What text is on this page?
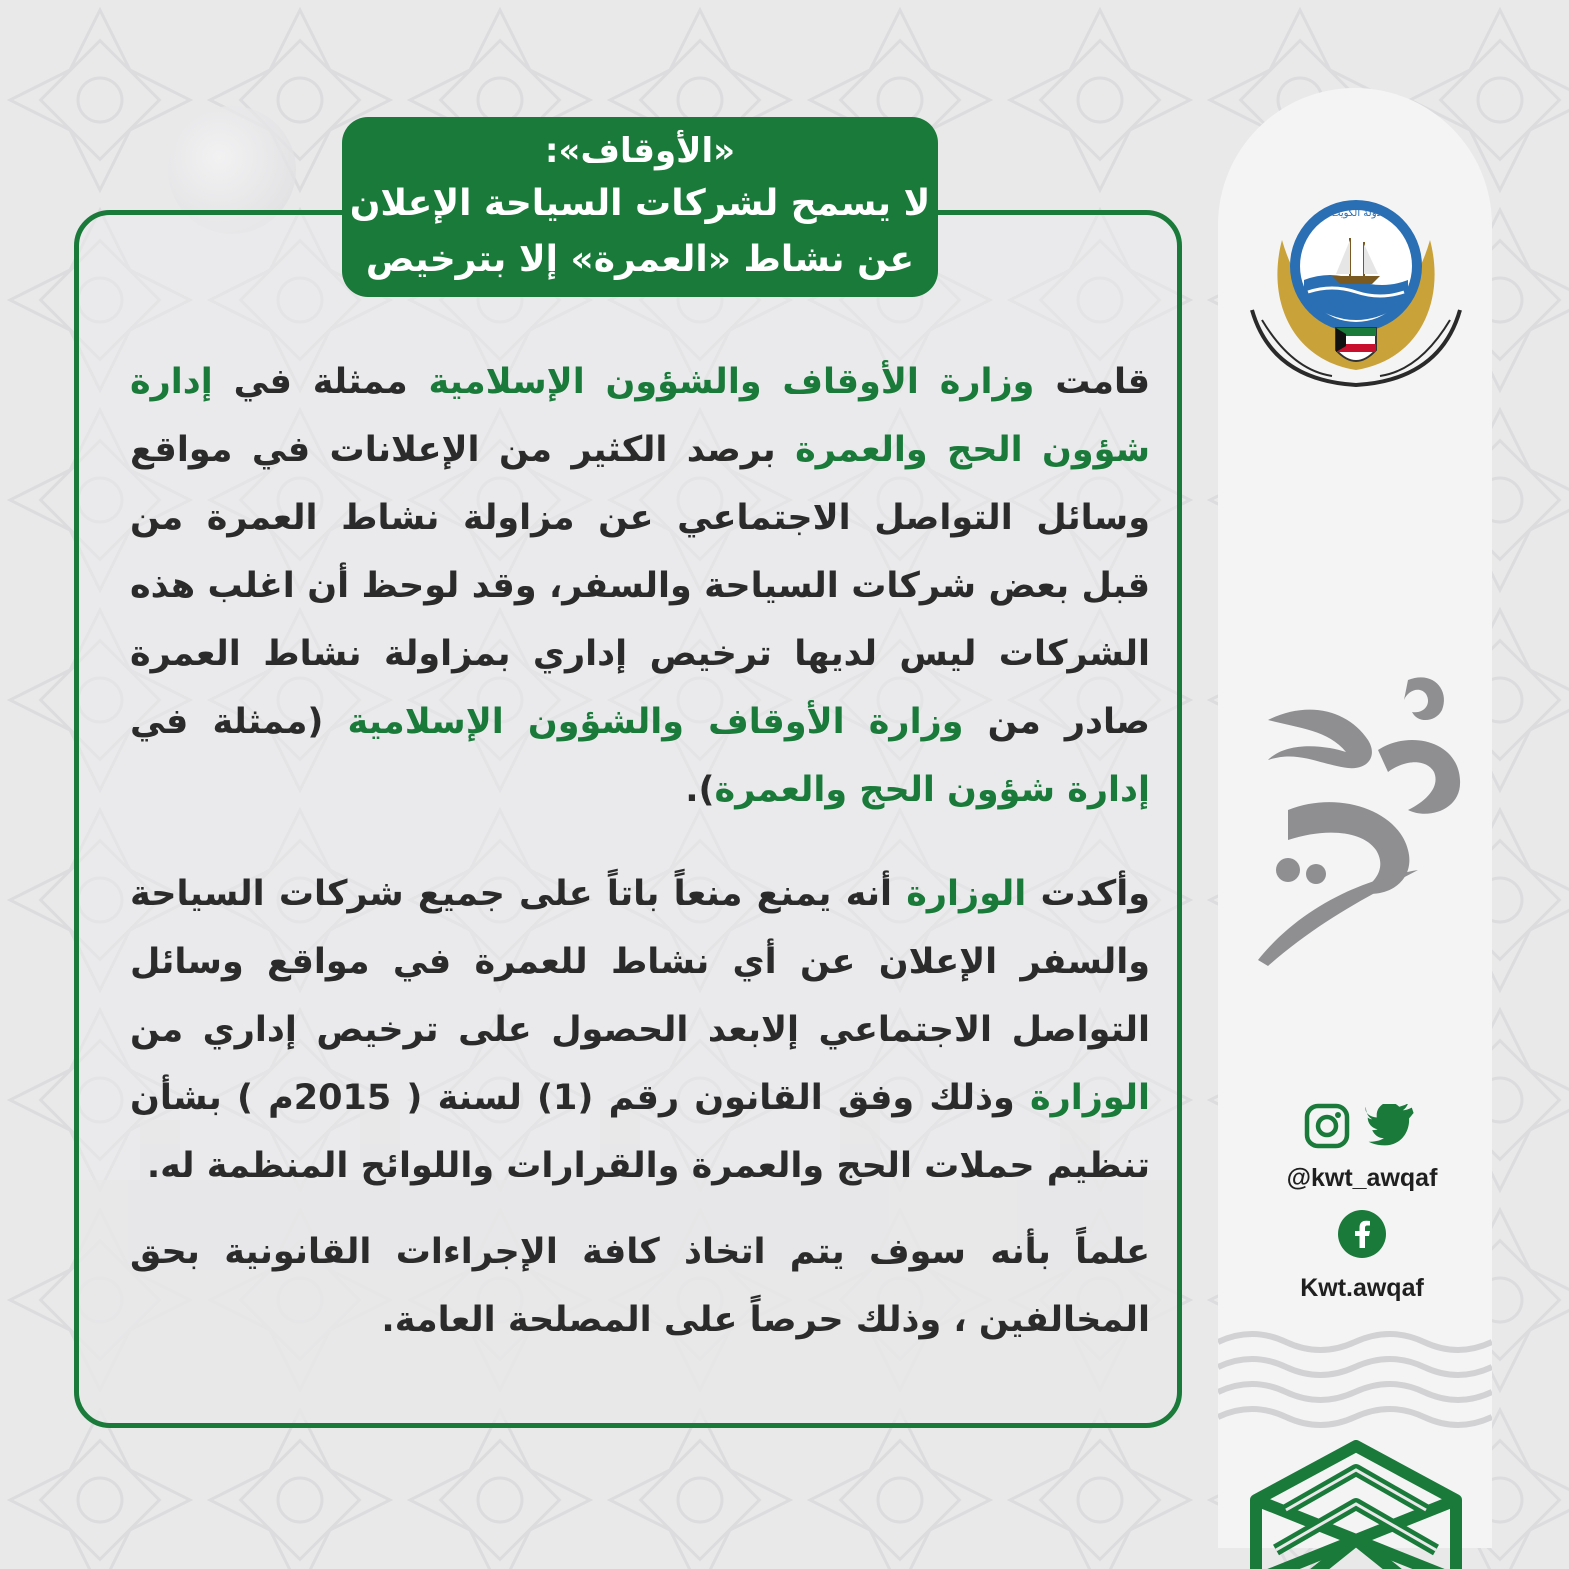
«الأوقاف»:
لا يسمح لشركات السياحة الإعلان
عن نشاط «العمرة» إلا بترخيص

قامت وزارة الأوقاف والشؤون الإسلامية ممثلة في إدارة شؤون الحج والعمرة برصد الكثير من الإعلانات في مواقع وسائل التواصل الاجتماعي عن مزاولة نشاط العمرة من قبل بعض شركات السياحة والسفر، وقد لوحظ أن اغلب هذه الشركات ليس لديها ترخيص إداري بمزاولة نشاط العمرة صادر من وزارة الأوقاف والشؤون الإسلامية (ممثلة في إدارة شؤون الحج والعمرة).

وأكدت الوزارة أنه يمنع منعاً باتاً على جميع شركات السياحة والسفر الإعلان عن أي نشاط للعمرة في مواقع وسائل التواصل الاجتماعي إلابعد الحصول على ترخيص إداري من الوزارة وذلك وفق القانون رقم (1) لسنة ( 2015م ) بشأن تنظيم حملات الحج والعمرة والقرارات واللوائح المنظمة له.

علماً بأنه سوف يتم اتخاذ كافة الإجراءات القانونية بحق المخالفين ، وذلك حرصاً على المصلحة العامة.

دولة الكويت
@kwt_awqaf
Kwt.awqaf
